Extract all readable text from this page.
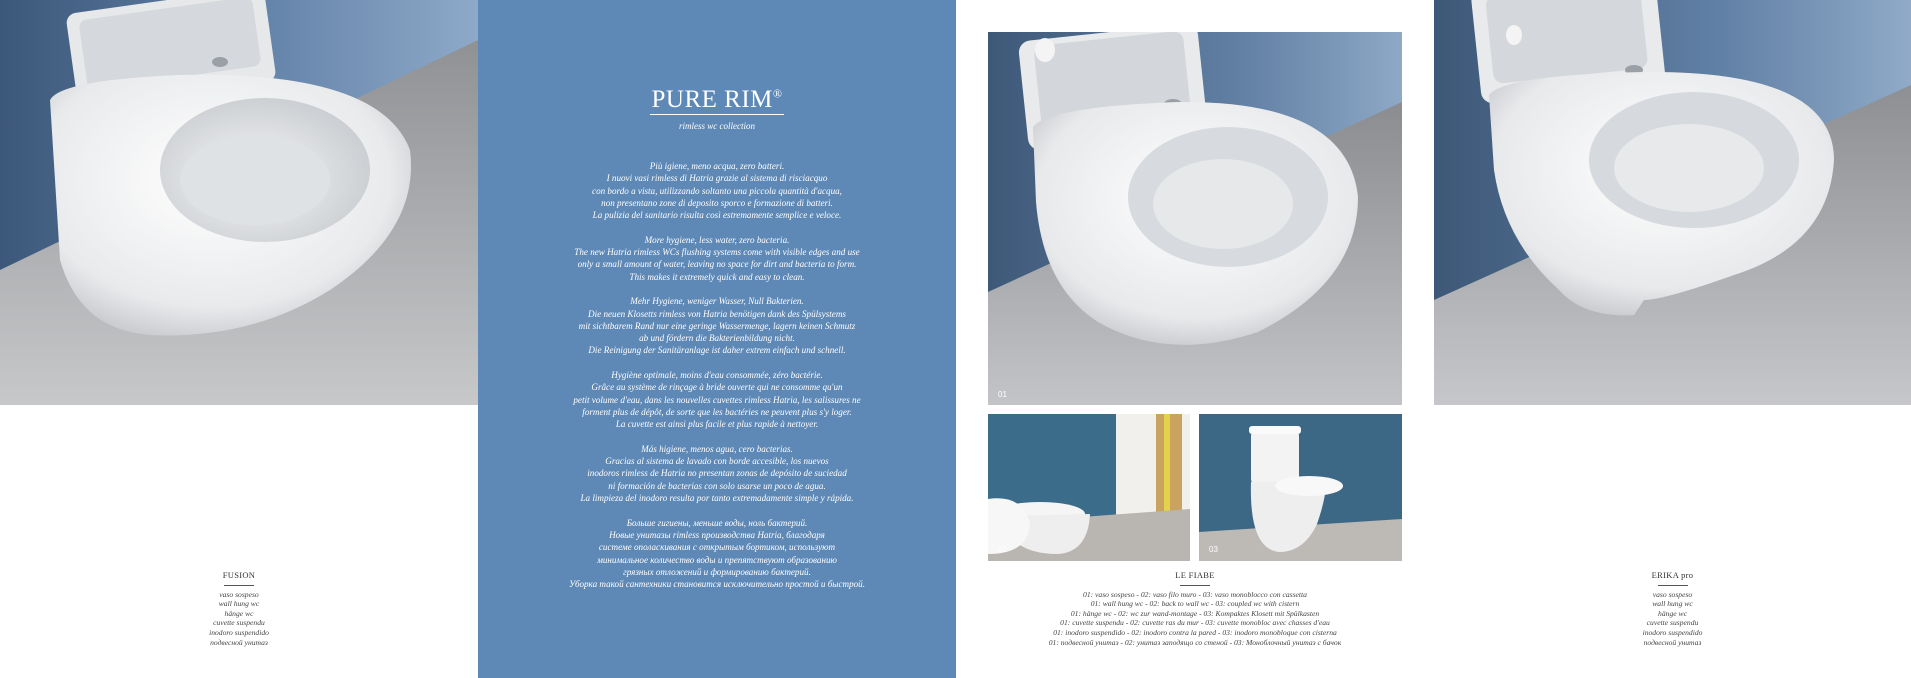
FUSION
vaso sospeso
wall hung wc
hänge wc
cuvette suspendu
inodoro suspendido
подвесной унитаз
PURE RIM®
rimless wc collection
Più igiene, meno acqua, zero batteri.
I nuovi vasi rimless di Hatria grazie al sistema di risciacquo
con bordo a vista, utilizzando soltanto una piccola quantità d'acqua,
non presentano zone di deposito sporco e formazione di batteri.
La pulizia del sanitario risulta così estremamente semplice e veloce.
More hygiene, less water, zero bacteria.
The new Hatria rimless WCs flushing systems come with visible edges and use
only a small amount of water, leaving no space for dirt and bacteria to form.
This makes it extremely quick and easy to clean.
Mehr Hygiene, weniger Wasser, Null Bakterien.
Die neuen Klosetts rimless von Hatria benötigen dank des Spülsystems
mit sichtbarem Rand nur eine geringe Wassermenge, lagern keinen Schmutz
ab und fördern die Bakterienbildung nicht.
Die Reinigung der Sanitäranlage ist daher extrem einfach und schnell.
Hygiène optimale, moins d'eau consommée, zéro bactérie.
Grâce au système de rinçage à bride ouverte qui ne consomme qu'un
petit volume d'eau, dans les nouvelles cuvettes rimless Hatria, les salissures ne
forment plus de dépôt, de sorte que les bactéries ne peuvent plus s'y loger.
La cuvette est ainsi plus facile et plus rapide à nettoyer.
Más higiene, menos agua, cero bacterias.
Gracias al sistema de lavado con borde accesible, los nuevos
inodoros rimless de Hatria no presentan zonas de depósito de suciedad
ni formación de bacterias con solo usarse un poco de agua.
La limpieza del inodoro resulta por tanto extremadamente simple y rápida.
Больше гигиены, меньше воды, ноль бактерий.
Новые унитазы rimless производства Hatria, благодаря
системе ополаскивания с открытым бортиком, используют
минимальное количество воды и препятствуют образованию
грязных отложений и формированию бактерий.
Уборка такой сантехники становится исключительно простой и быстрой.
01
02	03
LE FIABE
01: vaso sospeso - 02: vaso filo muro - 03: vaso monoblocco con cassetta
01: wall hung wc - 02: back to wall wc - 03: coupled wc with cistern
01: hänge wc - 02: wc zur wand-montage - 03: Kompaktes Klosett mit Spülkasten
01: cuvette suspendu - 02: cuvette ras du mur - 03: cuvette monobloc avec chasses d'eau
01: inodoro suspendido - 02: inodoro contra la pared - 03: inodoro monobloque con cisterna
01: подвесной унитаз - 02: унитаз заподящо со стеной - 03: Моноблочный унитаз с бачок
ERIKA pro
vaso sospeso
wall hung wc
hänge wc
cuvette suspendu
inodoro suspendido
подвесной унитаз
